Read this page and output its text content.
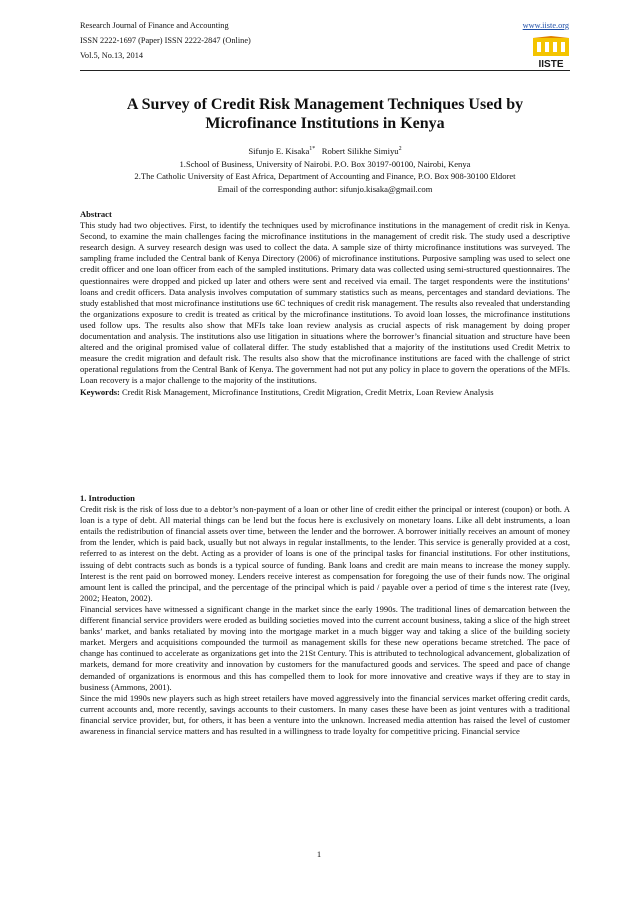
Research Journal of Finance and Accounting	www.iiste.org
ISSN 2222-1697 (Paper) ISSN 2222-2847 (Online)
Vol.5, No.13, 2014
IISTE
A Survey of Credit Risk Management Techniques Used by Microfinance Institutions in Kenya
Sifunjo E. Kisaka$^{1*}$ Robert Silikhe Simiyu$^2$
1.School of Business, University of Nairobi. P.O. Box 30197-00100, Nairobi, Kenya
2.The Catholic University of East Africa, Department of Accounting and Finance, P.O. Box 908-30100 Eldoret
Email of the corresponding author: sifunjo.kisaka@gmail.com

Abstract

This study had two objectives. First, to identify the techniques used by microfinance institutions in the management of credit risk in Kenya. Second, to examine the main challenges facing the microfinance institutions in the management of credit risk. The study used a descriptive research design. A survey research design was used to collect the data. A sample size of thirty microfinance institutions was surveyed. The sampling frame included the Central bank of Kenya Directory (2006) of microfinance institutions. Purposive sampling was used to select one credit officer and one loan officer from each of the sampled institutions. Primary data was collected using semi-structured questionnaires. The questionnaires were dropped and picked up later and others were sent and received via email. The target respondents were the institutions’ loans and credit officers. Data analysis involves computation of summary statistics such as means, percentages and standard deviations. The study established that most microfinance institutions use 6C techniques of credit risk management. The results also revealed that understanding the organizations exposure to credit is treated as critical by the microfinance institutions. To avoid loan losses, the microfinance institutions used follow ups. The results also show that MFIs take loan review analysis as crucial aspects of risk management by doing proper documentation and analysis. The institutions also use litigation in situations where the borrower’s financial situation and structure have been altered and the original promised value of collateral differ. The study established that a majority of the institutions used Credit Metrix to measure the credit migration and default risk. The results also show that the microfinance institutions are faced with the challenge of strict operational regulations from the Central Bank of Kenya. The government had not put any policy in place to govern the operations of the MFIs. Loan recovery is a major challenge to the majority of the institutions.

Keywords: Credit Risk Management, Microfinance Institutions, Credit Migration, Credit Metrix, Loan Review Analysis

1. Introduction

Credit risk is the risk of loss due to a debtor’s non-payment of a loan or other line of credit either the principal or interest (coupon) or both. A loan is a type of debt. All material things can be lend but the focus here is exclusively on monetary loans. Like all debt instruments, a loan entails the redistribution of financial assets over time, between the lender and the borrower. A borrower initially receives an amount of money from the lender, which is paid back, usually but not always in regular installments, to the lender. This service is generally provided at a cost, referred to as interest on the debt. Acting as a provider of loans is one of the principal tasks for financial institutions. For other institutions, issuing of debt contracts such as bonds is a typical source of funding. Bank loans and credit are main means to increase the money supply. Interest is the rent paid on borrowed money. Lenders receive interest as compensation for foregoing the use of their funds now. The original amount lent is called the principal, and the percentage of the principal which is paid / payable over a period of time s the interest rate (Ivey, 2002; Heaton, 2002).

Financial services have witnessed a significant change in the market since the early 1990s. The traditional lines of demarcation between the different financial service providers were eroded as building societies moved into the current account business, taking a slice of the high street banks’ market, and banks retaliated by moving into the mortgage market in a much bigger way and taking a slice of the building society market. Mergers and acquisitions compounded the turmoil as management skills for these new operations became stretched. The pace of change has continued to accelerate as organizations get into the 21St Century. This is attributed to technological advancement, globalization of markets, demand for more creativity and innovation by customers for the manufactured goods and services. The speed and pace of change demanded of organizations is enormous and this has compelled them to look for more innovative and creative ways if they are to stay in business (Ammons, 2001).

Since the mid 1990s new players such as high street retailers have moved aggressively into the financial services market offering credit cards, current accounts and, more recently, savings accounts to their customers. In many cases these have been as joint ventures with a traditional financial service provider, but, for others, it has been a venture into the unknown. Increased media attention has raised the level of customer awareness in financial service matters and has resulted in a willingness to trade loyalty for competitive pricing. Financial service

1
